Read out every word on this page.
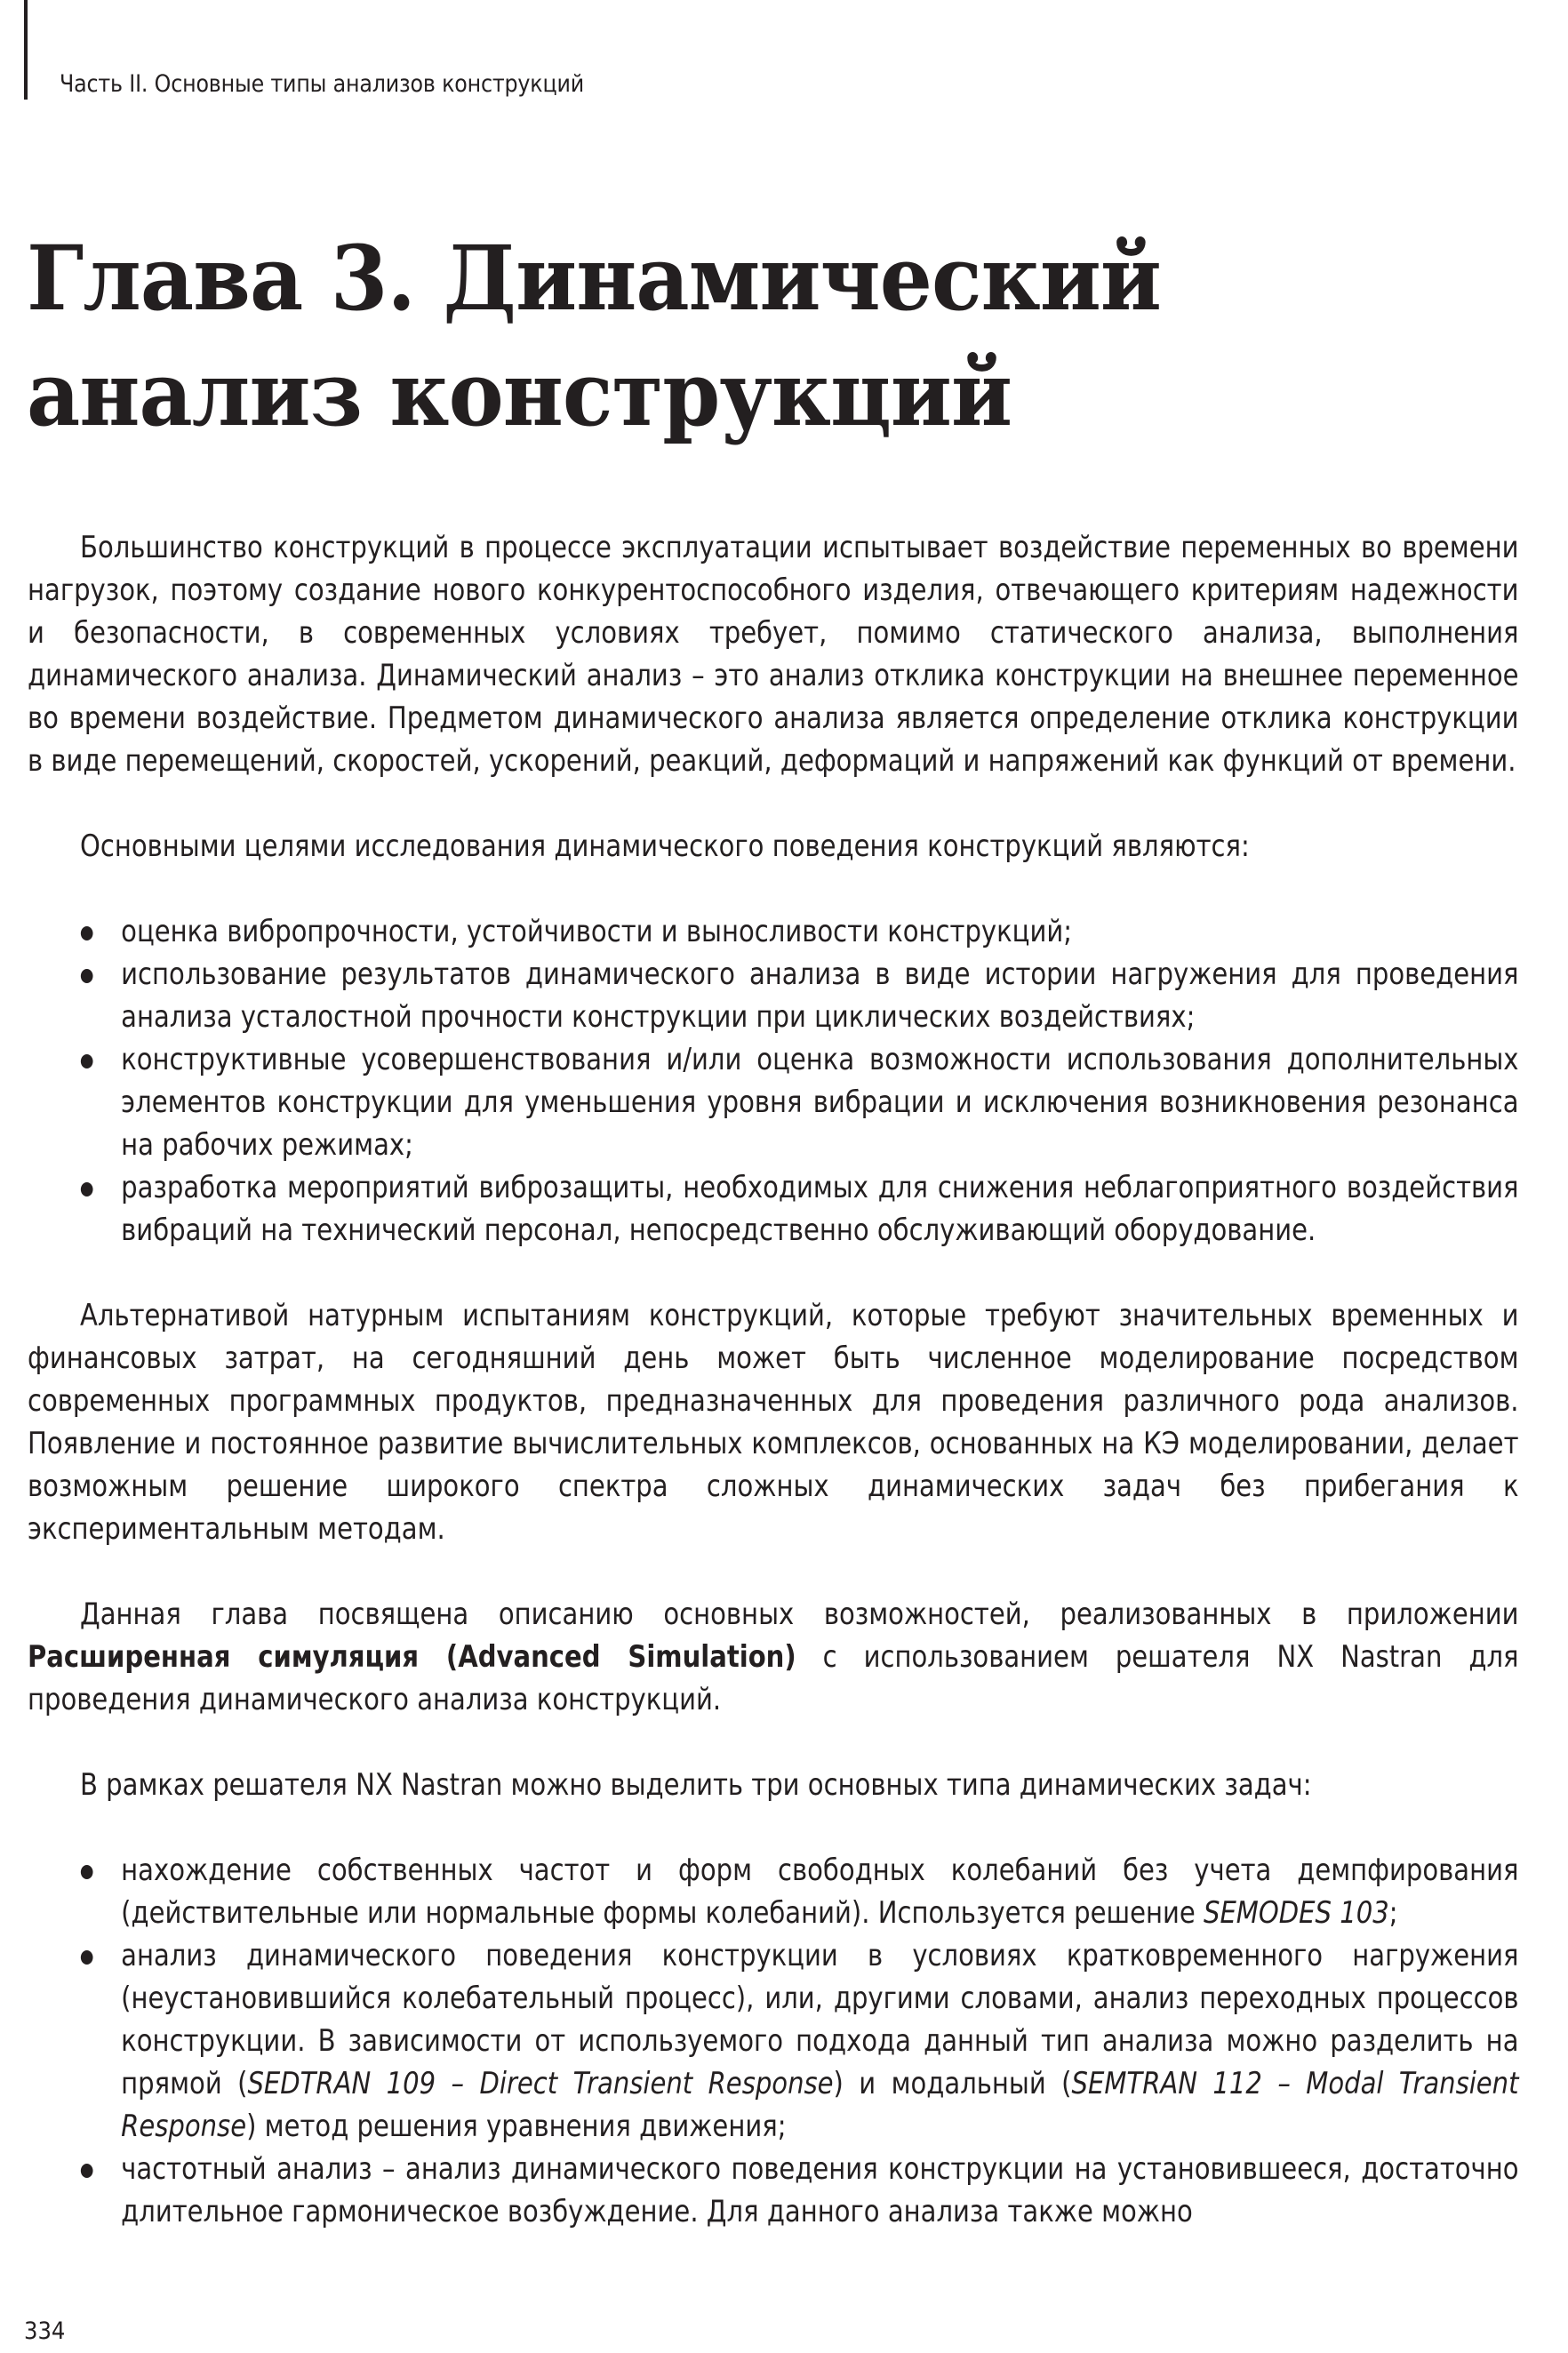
Часть II. Основные типы анализов конструкций
Глава 3. Динамический
анализ конструкций

Большинство конструкций в процессе эксплуатации испытывает воздействие переменных во времени нагрузок, поэтому создание нового конкурентоспособного изделия, отвечающего критериям надежности и безопасности, в современных условиях требует, помимо статического анализа, выполнения динамического анализа. Динамический анализ – это анализ отклика конструкции на внешнее переменное во времени воздействие. Предметом динамического анализа является определение отклика конструкции в виде перемещений, скоростей, ускорений, реакций, деформаций и напряжений как функций от времени.

Основными целями исследования динамического поведения конструкций являются:

оценка вибропрочности, устойчивости и выносливости конструкций;
использование результатов динамического анализа в виде истории нагружения для проведения анализа усталостной прочности конструкции при циклических воздействиях;
конструктивные усовершенствования и/или оценка возможности использования дополнительных элементов конструкции для уменьшения уровня вибрации и исключения возникновения резонанса на рабочих режимах;
разработка мероприятий виброзащиты, необходимых для снижения неблагоприятного воздействия вибраций на технический персонал, непосредственно обслуживающий оборудование.

Альтернативой натурным испытаниям конструкций, которые требуют значительных временных и финансовых затрат, на сегодняшний день может быть численное моделирование посредством современных программных продуктов, предназначенных для проведения различного рода анализов. Появление и постоянное развитие вычислительных комплексов, основанных на КЭ моделировании, делает возможным решение широкого спектра сложных динамических задач без прибегания к экспериментальным методам.

Данная глава посвящена описанию основных возможностей, реализованных в приложении Расширенная симуляция (Advanced Simulation) с использованием решателя NX Nastran для проведения динамического анализа конструкций.

В рамках решателя NX Nastran можно выделить три основных типа динамических задач:

нахождение собственных частот и форм свободных колебаний без учета демпфирования (действительные или нормальные формы колебаний). Используется решение SEMODES 103;
анализ динамического поведения конструкции в условиях кратковременного нагружения (неустановившийся колебательный процесс), или, другими словами, анализ переходных процессов конструкции. В зависимости от используемого подхода данный тип анализа можно разделить на прямой (SEDTRAN 109 – Direct Transient Response) и модальный (SEMTRAN 112 – Modal Transient Response) метод решения уравнения движения;
частотный анализ – анализ динамического поведения конструкции на установившееся, достаточно длительное гармоническое возбуждение. Для данного анализа также можно
334
